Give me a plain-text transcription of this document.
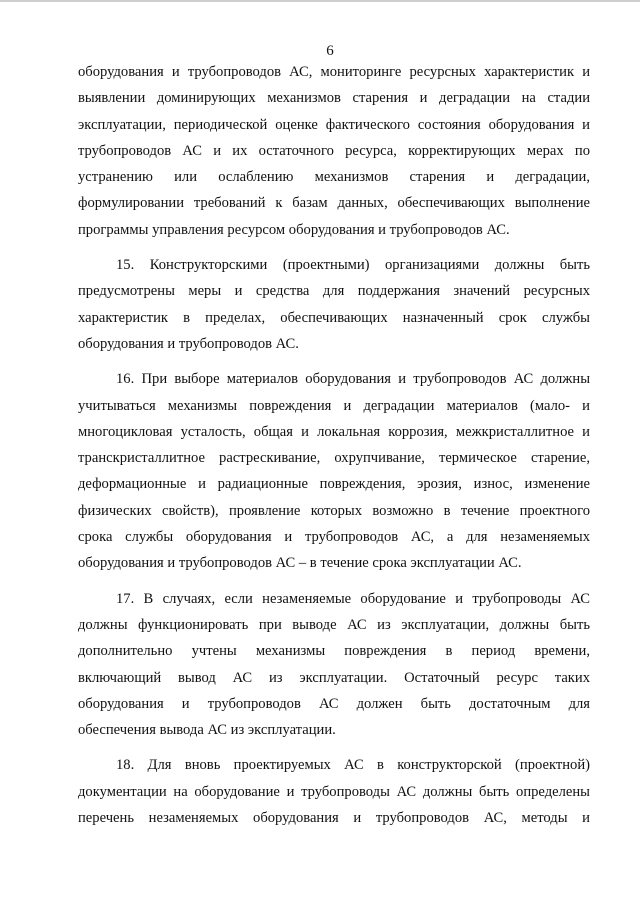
6

оборудования и трубопроводов АС, мониторинге ресурсных характеристик и
выявлении доминирующих механизмов старения и деградации на стадии
эксплуатации, периодической оценке фактического состояния оборудования и
трубопроводов АС и их остаточного ресурса, корректирующих мерах по
устранению или ослаблению механизмов старения и деградации,
формулировании требований к базам данных, обеспечивающих выполнение
программы управления ресурсом оборудования и трубопроводов АС.

15. Конструкторскими (проектными) организациями должны быть
предусмотрены меры и средства для поддержания значений ресурсных
характеристик в пределах, обеспечивающих назначенный срок службы
оборудования и трубопроводов АС.

16. При выборе материалов оборудования и трубопроводов АС должны
учитываться механизмы повреждения и деградации материалов (мало- и
многоцикловая усталость, общая и локальная коррозия, межкристаллитное и
транскристаллитное растрескивание, охрупчивание, термическое старение,
деформационные и радиационные повреждения, эрозия, износ, изменение
физических свойств), проявление которых возможно в течение проектного
срока службы оборудования и трубопроводов АС, а для незаменяемых
оборудования и трубопроводов АС – в течение срока эксплуатации АС.

17. В случаях, если незаменяемые оборудование и трубопроводы АС
должны функционировать при выводе АС из эксплуатации, должны быть
дополнительно учтены механизмы повреждения в период времени,
включающий вывод АС из эксплуатации. Остаточный ресурс таких
оборудования и трубопроводов АС должен быть достаточным для
обеспечения вывода АС из эксплуатации.

18. Для вновь проектируемых АС в конструкторской (проектной)
документации на оборудование и трубопроводы АС должны быть определены
перечень незаменяемых оборудования и трубопроводов АС, методы и
